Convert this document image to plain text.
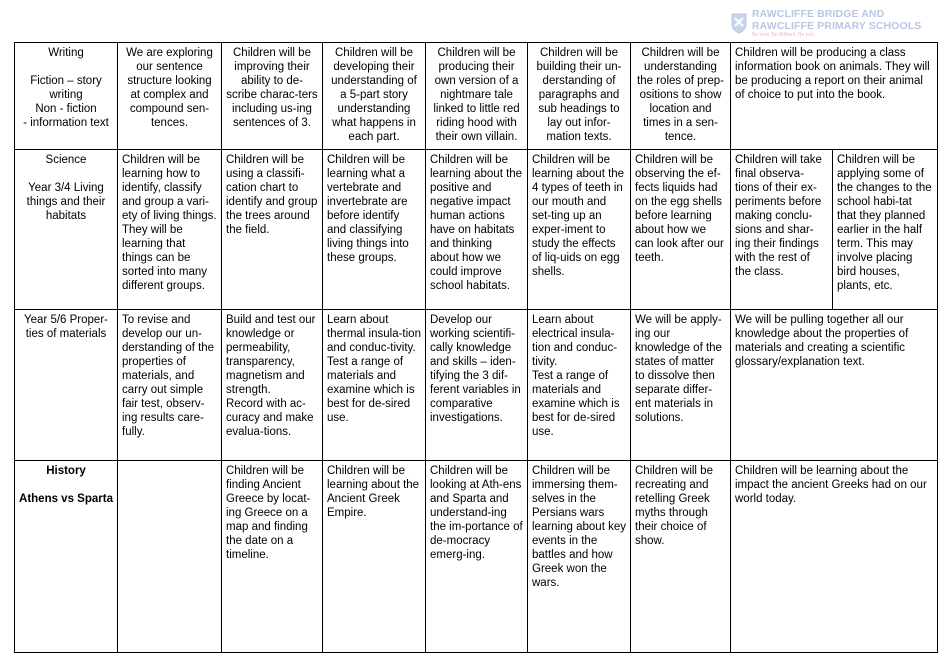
RAWCLIFFE BRIDGE AND
RAWCLIFFE PRIMARY SCHOOLS
Be kind, Be Brilliant, Be you.
Writing

Fiction – story writing
Non - fiction
- information text	We are exploring our sentence structure looking at complex and compound sen-tences.	Children will be improving their ability to de-scribe charac-ters including us-ing sentences of 3.	Children will be developing their understanding of a 5-part story understanding what happens in each part.	Children will be producing their own version of a nightmare tale linked to little red riding hood with their own villain.	Children will be building their un-derstanding of paragraphs and sub headings to lay out infor-mation texts.	Children will be understanding the roles of prep-ositions to show location and times in a sen-tence.	Children will be producing a class information book on animals. They will be producing a report on their animal of choice to put into the book.	
Science

Year 3/4 Living things and their habitats	Children will be learning how to identify, classify and group a vari-ety of living things. They will be learning that things can be sorted into many different groups.	Children will be using a classifi-cation chart to identify and group the trees around the field.	Children will be learning what a vertebrate and invertebrate are before identify and classifying living things into these groups.	Children will be learning about the positive and negative impact human actions have on habitats and thinking about how we could improve school habitats.	Children will be learning about the 4 types of teeth in our mouth and set-ting up an exper-iment to study the effects of liq-uids on egg shells.	Children will be observing the ef-fects liquids had on the egg shells before learning about how we can look after our teeth.	Children will take final observa-tions of their ex-periments before making conclu-sions and shar-ing their findings with the rest of the class.	Children will be applying some of the changes to the school habi-tat that they planned earlier in the half term. This may involve placing bird houses, plants, etc.
Year 5/6 Proper-ties of materials	To revise and develop our un-derstanding of the properties of materials, and carry out simple fair test, observ-ing results care-fully.	Build and test our knowledge or permeability, transparency, magnetism and strength.
Record with ac-curacy and make evalua-tions.	Learn about thermal insula-tion and conduc-tivity.
Test a range of materials and examine which is best for de-sired use.	Develop our working scientifi-cally knowledge and skills – iden-tifying the 3 dif-ferent variables in comparative investigations.	Learn about electrical insula-tion and conduc-tivity.
Test a range of materials and examine which is best for de-sired use.	We will be apply-ing our knowledge of the states of matter to dissolve then separate differ-ent materials in solutions.	We will be pulling together all our knowledge about the properties of materials and creating a scientific glossary/explanation text.	
History

Athens vs Sparta		Children will be finding Ancient Greece by locat-ing Greece on a map and finding the date on a timeline.	Children will be learning about the Ancient Greek Empire.	Children will be looking at Ath-ens and Sparta and understand-ing the im-portance of de-mocracy emerg-ing.	Children will be immersing them-selves in the Persians wars learning about key events in the battles and how Greek won the wars.	Children will be recreating and retelling Greek myths through their choice of show.	Children will be learning about the impact the ancient Greeks had on our world today.	
